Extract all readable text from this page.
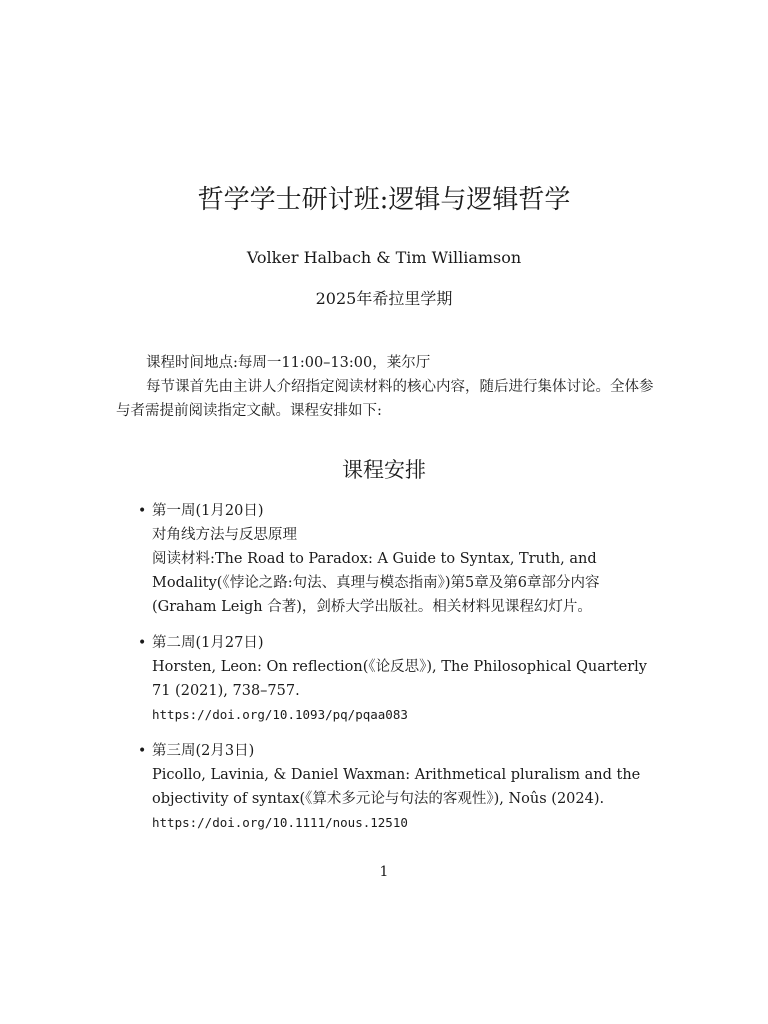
哲学学士研讨班:逻辑与逻辑哲学
Volker Halbach & Tim Williamson
2025年希拉里学期

课程时间地点:每周一11:00–13:00，莱尔厅

每节课首先由主讲人介绍指定阅读材料的核心内容，随后进行集体讨论。全体参与者需提前阅读指定文献。课程安排如下:

课程安排
• 第一周(1月20日)
对角线方法与反思原理
阅读材料:The Road to Paradox: A Guide to Syntax, Truth, and Modality(《悖论之路:句法、真理与模态指南》)第5章及第6章部分内容(Graham Leigh 合著)，剑桥大学出版社。相关材料见课程幻灯片。
• 第二周(1月27日)
Horsten, Leon: On reflection(《论反思》), The Philosophical Quarterly 71 (2021), 738–757.
https://doi.org/10.1093/pq/pqaa083
• 第三周(2月3日)
Picollo, Lavinia, & Daniel Waxman: Arithmetical pluralism and the objectivity of syntax(《算术多元论与句法的客观性》), Noûs (2024).
https://doi.org/10.1111/nous.12510
1
